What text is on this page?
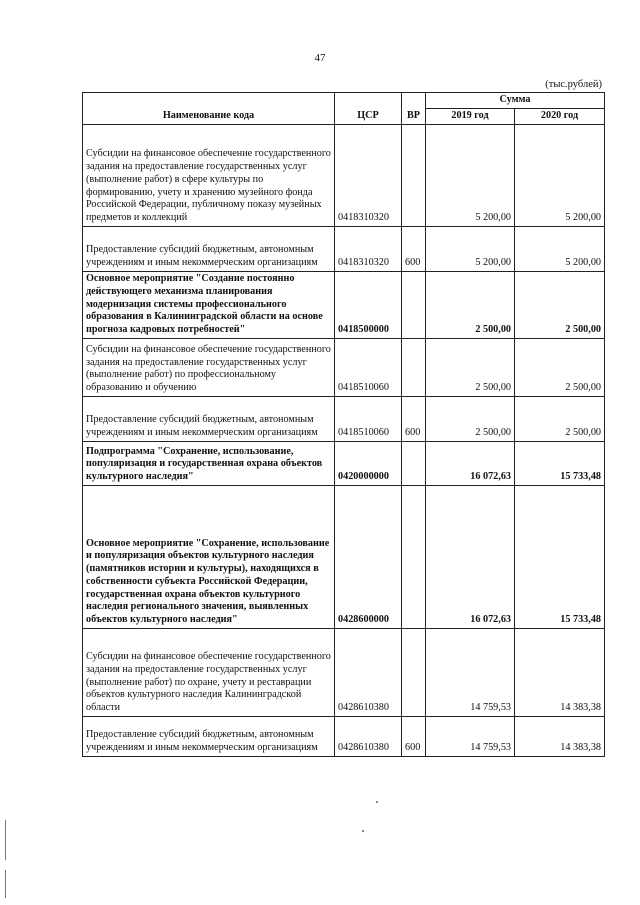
47
(тыс.рублей)
Наименование кода	ЦСР	ВР	Сумма	
			2019 год	2020 год
Субсидии на финансовое обеспечение государственного задания на предоставление государственных услуг (выполнение работ) в сфере культуры по формированию, учету и хранению музейного фонда Российской Федерации, публичному показу музейных предметов и коллекций	0418310320		5 200,00	5 200,00
Предоставление субсидий бюджетным, автономным учреждениям и иным некоммерческим организациям	0418310320	600	5 200,00	5 200,00
Основное мероприятие "Создание постоянно действующего механизма планирования модернизация системы профессионального образования в Калининградской области на основе прогноза кадровых потребностей"	0418500000		2 500,00	2 500,00
Субсидии на финансовое обеспечение государственного задания на предоставление государственных услуг (выполнение работ) по профессиональному образованию и обучению	0418510060		2 500,00	2 500,00
Предоставление субсидий бюджетным, автономным учреждениям и иным некоммерческим организациям	0418510060	600	2 500,00	2 500,00
Подпрограмма "Сохранение, использование, популяризация и государственная охрана объектов культурного наследия"	0420000000		16 072,63	15 733,48
Основное мероприятие "Сохранение, использование и популяризация объектов культурного наследия (памятников истории и культуры), находящихся в собственности субъекта Российской Федерации, государственная охрана объектов культурного наследия регионального значения, выявленных объектов культурного наследия"	0428600000		16 072,63	15 733,48
Субсидии на финансовое обеспечение государственного задания на предоставление государственных услуг (выполнение работ) по охране, учету и реставрации объектов культурного наследия Калининградской области	0428610380		14 759,53	14 383,38
Предоставление субсидий бюджетным, автономным учреждениям и иным некоммерческим организациям	0428610380	600	14 759,53	14 383,38
